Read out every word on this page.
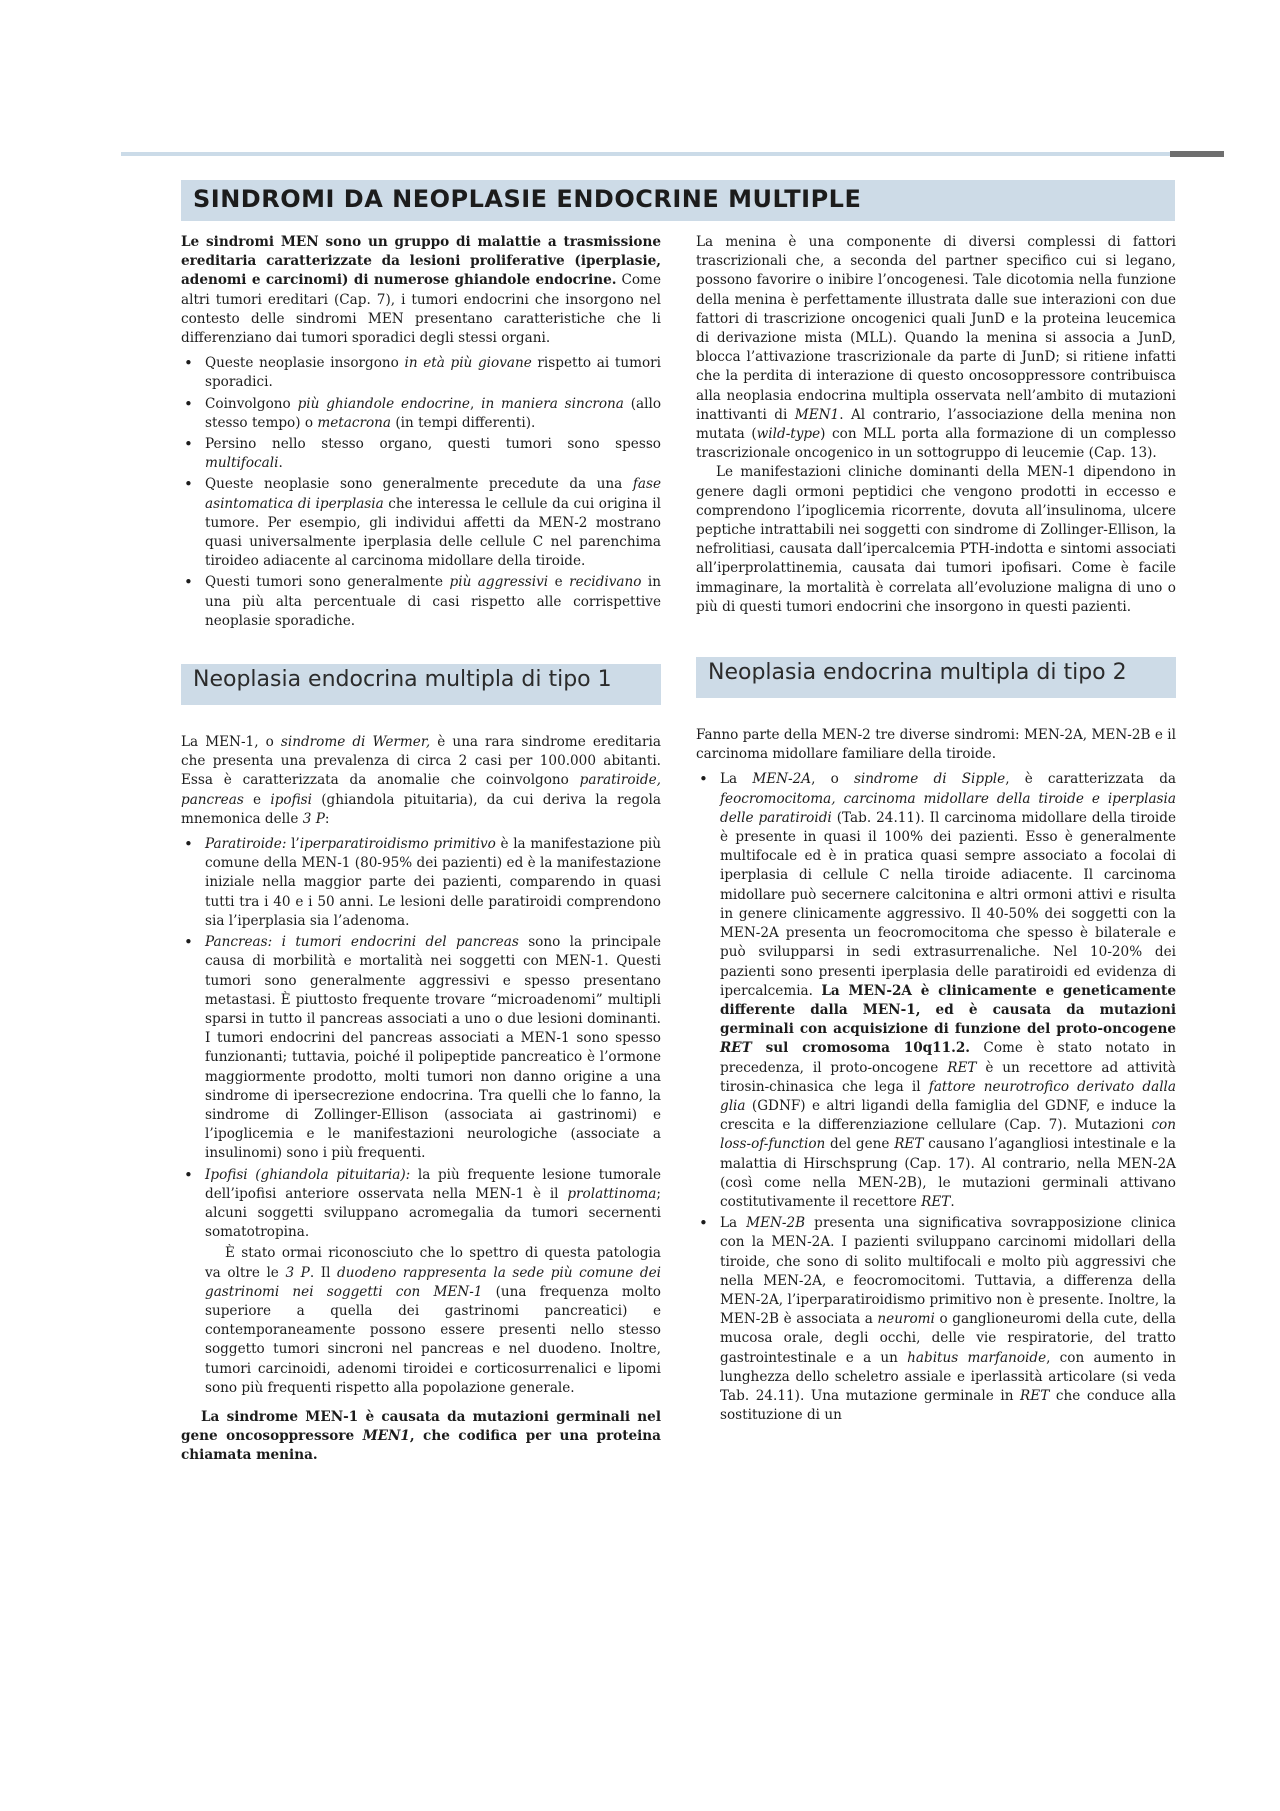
SINDROMI DA NEOPLASIE ENDOCRINE MULTIPLE

Le sindromi MEN sono un gruppo di malattie a trasmissione ereditaria caratterizzate da lesioni proliferative (iperplasie, adenomi e carcinomi) di numerose ghiandole endocrine. Come altri tumori ereditari (Cap. 7), i tumori endocrini che insorgono nel contesto delle sindromi MEN presentano caratteristiche che li differenziano dai tumori sporadici degli stessi organi.

• Queste neoplasie insorgono in età più giovane rispetto ai tumori sporadici.
• Coinvolgono più ghiandole endocrine, in maniera sincrona (allo stesso tempo) o metacrona (in tempi differenti).
• Persino nello stesso organo, questi tumori sono spesso multifocali.
• Queste neoplasie sono generalmente precedute da una fase asintomatica di iperplasia che interessa le cellule da cui origina il tumore. Per esempio, gli individui affetti da MEN-2 mostrano quasi universalmente iperplasia delle cellule C nel parenchima tiroideo adiacente al carcinoma midollare della tiroide.
• Questi tumori sono generalmente più aggressivi e recidivano in una più alta percentuale di casi rispetto alle corrispettive neoplasie sporadiche.
Neoplasia endocrina multipla di tipo 1

La MEN-1, o sindrome di Wermer, è una rara sindrome ereditaria che presenta una prevalenza di circa 2 casi per 100.000 abitanti. Essa è caratterizzata da anomalie che coinvolgono paratiroide, pancreas e ipofisi (ghiandola pituitaria), da cui deriva la regola mnemonica delle 3 P:

• Paratiroide: l’iperparatiroidismo primitivo è la manifestazione più comune della MEN-1 (80-95% dei pazienti) ed è la manifestazione iniziale nella maggior parte dei pazienti, comparendo in quasi tutti tra i 40 e i 50 anni. Le lesioni delle paratiroidi comprendono sia l’iperplasia sia l’adenoma.
• Pancreas: i tumori endocrini del pancreas sono la principale causa di morbilità e mortalità nei soggetti con MEN-1. Questi tumori sono generalmente aggressivi e spesso presentano metastasi. È piuttosto frequente trovare “microadenomi” multipli sparsi in tutto il pancreas associati a uno o due lesioni dominanti. I tumori endocrini del pancreas associati a MEN-1 sono spesso funzionanti; tuttavia, poiché il polipeptide pancreatico è l’ormone maggiormente prodotto, molti tumori non danno origine a una sindrome di ipersecrezione endocrina. Tra quelli che lo fanno, la sindrome di Zollinger-Ellison (associata ai gastrinomi) e l’ipoglicemia e le manifestazioni neurologiche (associate a insulinomi) sono i più frequenti.
• Ipofisi (ghiandola pituitaria): la più frequente lesione tumorale dell’ipofisi anteriore osservata nella MEN-1 è il prolattinoma; alcuni soggetti sviluppano acromegalia da tumori secernenti somatotropina.

È stato ormai riconosciuto che lo spettro di questa patologia va oltre le 3 P. Il duodeno rappresenta la sede più comune dei gastrinomi nei soggetti con MEN-1 (una frequenza molto superiore a quella dei gastrinomi pancreatici) e contemporaneamente possono essere presenti nello stesso soggetto tumori sincroni nel pancreas e nel duodeno. Inoltre, tumori carcinoidi, adenomi tiroidei e corticosurrenalici e lipomi sono più frequenti rispetto alla popolazione generale.

La sindrome MEN-1 è causata da mutazioni germinali nel gene oncosoppressore MEN1, che codifica per una proteina chiamata menina.

La menina è una componente di diversi complessi di fattori trascrizionali che, a seconda del partner specifico cui si legano, possono favorire o inibire l’oncogenesi. Tale dicotomia nella funzione della menina è perfettamente illustrata dalle sue interazioni con due fattori di trascrizione oncogenici quali JunD e la proteina leucemica di derivazione mista (MLL). Quando la menina si associa a JunD, blocca l’attivazione trascrizionale da parte di JunD; si ritiene infatti che la perdita di interazione di questo oncosoppressore contribuisca alla neoplasia endocrina multipla osservata nell’ambito di mutazioni inattivanti di MEN1. Al contrario, l’associazione della menina non mutata (wild-type) con MLL porta alla formazione di un complesso trascrizionale oncogenico in un sottogruppo di leucemie (Cap. 13).

Le manifestazioni cliniche dominanti della MEN-1 dipendono in genere dagli ormoni peptidici che vengono prodotti in eccesso e comprendono l’ipoglicemia ricorrente, dovuta all’insulinoma, ulcere peptiche intrattabili nei soggetti con sindrome di Zollinger-Ellison, la nefrolitiasi, causata dall’ipercalcemia PTH-indotta e sintomi associati all’iperprolattinemia, causata dai tumori ipofisari. Come è facile immaginare, la mortalità è correlata all’evoluzione maligna di uno o più di questi tumori endocrini che insorgono in questi pazienti.

Neoplasia endocrina multipla di tipo 2

Fanno parte della MEN-2 tre diverse sindromi: MEN-2A, MEN-2B e il carcinoma midollare familiare della tiroide.

• La MEN-2A, o sindrome di Sipple, è caratterizzata da feocromocitoma, carcinoma midollare della tiroide e iperplasia delle paratiroidi (Tab. 24.11). Il carcinoma midollare della tiroide è presente in quasi il 100% dei pazienti. Esso è generalmente multifocale ed è in pratica quasi sempre associato a focolai di iperplasia di cellule C nella tiroide adiacente. Il carcinoma midollare può secernere calcitonina e altri ormoni attivi e risulta in genere clinicamente aggressivo. Il 40-50% dei soggetti con la MEN-2A presenta un feocromocitoma che spesso è bilaterale e può svilupparsi in sedi extrasurrenaliche. Nel 10-20% dei pazienti sono presenti iperplasia delle paratiroidi ed evidenza di ipercalcemia. La MEN-2A è clinicamente e geneticamente differente dalla MEN-1, ed è causata da mutazioni germinali con acquisizione di funzione del proto-oncogene RET sul cromosoma 10q11.2. Come è stato notato in precedenza, il proto-oncogene RET è un recettore ad attività tirosin-chinasica che lega il fattore neurotrofico derivato dalla glia (GDNF) e altri ligandi della famiglia del GDNF, e induce la crescita e la differenziazione cellulare (Cap. 7). Mutazioni con loss-of-function del gene RET causano l’agangliosi intestinale e la malattia di Hirschsprung (Cap. 17). Al contrario, nella MEN-2A (così come nella MEN-2B), le mutazioni germinali attivano costitutivamente il recettore RET.
• La MEN-2B presenta una significativa sovrapposizione clinica con la MEN-2A. I pazienti sviluppano carcinomi midollari della tiroide, che sono di solito multifocali e molto più aggressivi che nella MEN-2A, e feocromocitomi. Tuttavia, a differenza della MEN-2A, l’iperparatiroidismo primitivo non è presente. Inoltre, la MEN-2B è associata a neuromi o ganglioneuromi della cute, della mucosa orale, degli occhi, delle vie respiratorie, del tratto gastrointestinale e a un habitus marfanoide, con aumento in lunghezza dello scheletro assiale e iperlassità articolare (si veda Tab. 24.11). Una mutazione germinale in RET che conduce alla sostituzione di un
